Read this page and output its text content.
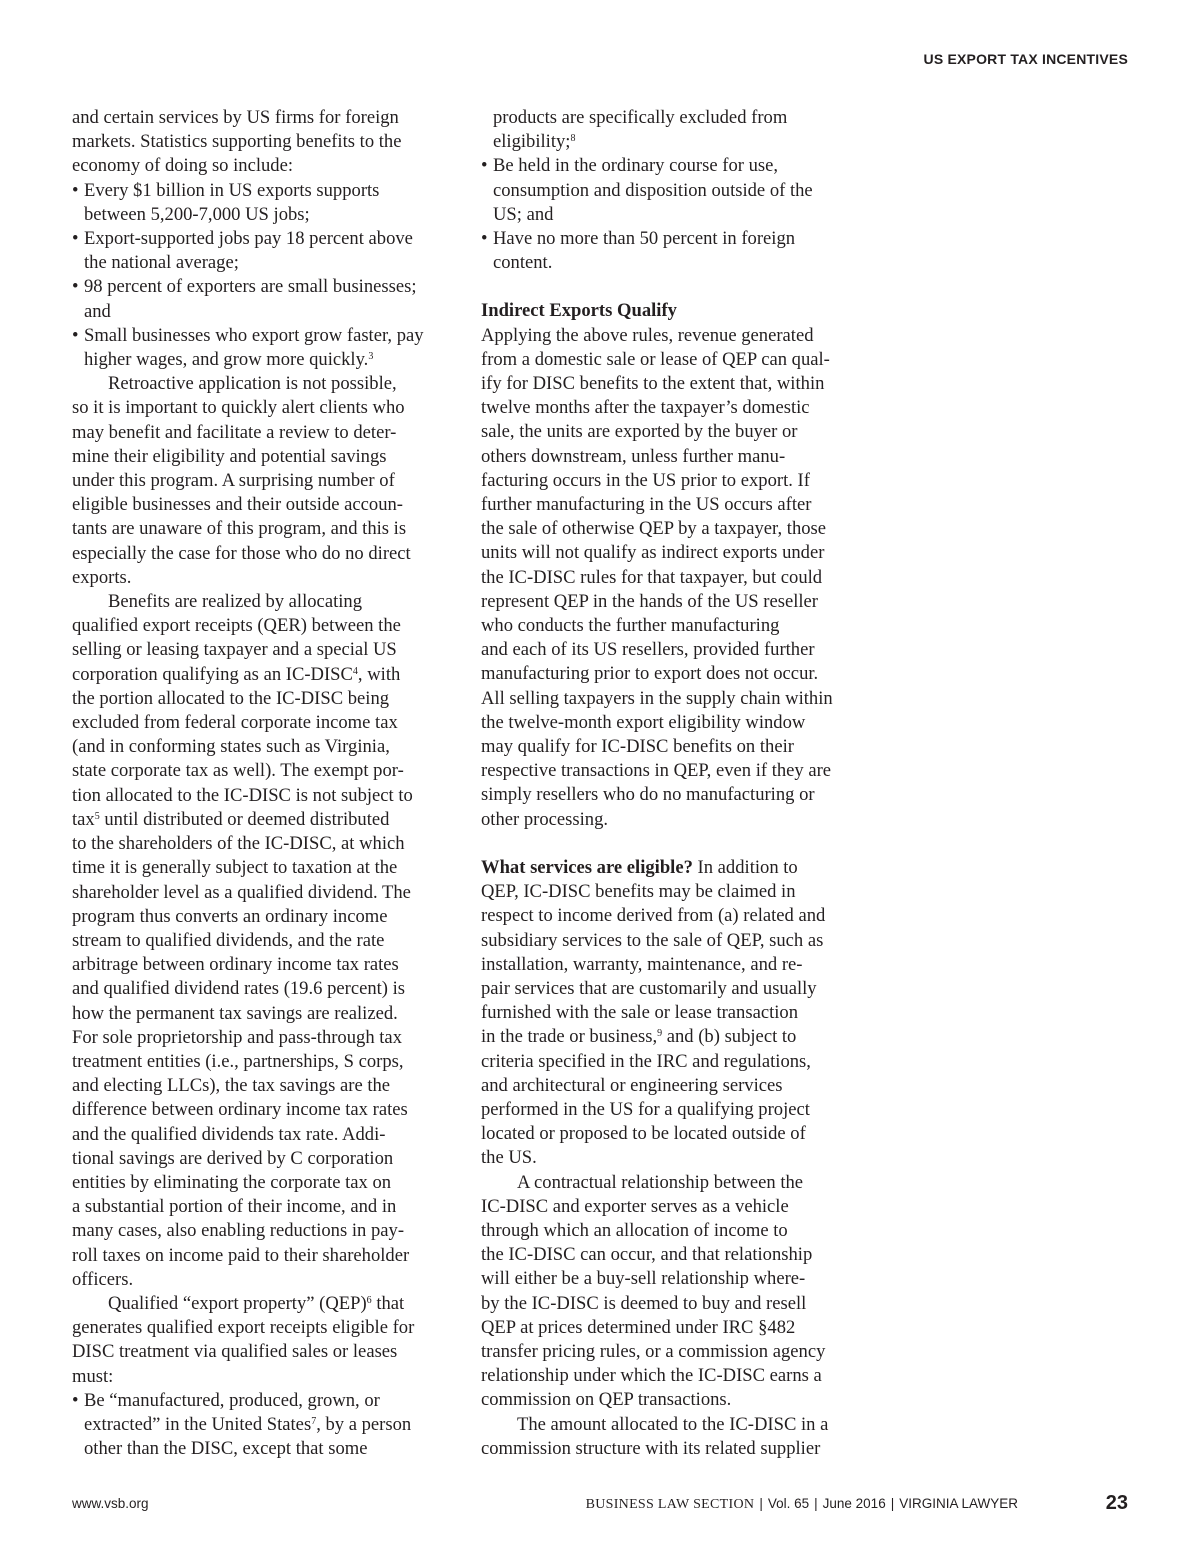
US EXPORT TAX INCENTIVES

and certain services by US firms for foreign

markets. Statistics supporting benefits to the

economy of doing so include:

• Every $1 billion in US exports supports
between 5,200-7,000 US jobs;
• Export-supported jobs pay 18 percent above
the national average;
• 98 percent of exporters are small businesses;
and
• Small businesses who export grow faster, pay
higher wages, and grow more quickly.$^3$

Retroactive application is not possible,

so it is important to quickly alert clients who

may benefit and facilitate a review to deter-

mine their eligibility and potential savings

under this program. A surprising number of

eligible businesses and their outside accoun-

tants are unaware of this program, and this is

especially the case for those who do no direct

exports.

Benefits are realized by allocating

qualified export receipts (QER) between the

selling or leasing taxpayer and a special US

corporation qualifying as an IC-DISC$^4$, with

the portion allocated to the IC-DISC being

excluded from federal corporate income tax

(and in conforming states such as Virginia,

state corporate tax as well). The exempt por-

tion allocated to the IC-DISC is not subject to

tax$^5$ until distributed or deemed distributed

to the shareholders of the IC-DISC, at which

time it is generally subject to taxation at the

shareholder level as a qualified dividend. The

program thus converts an ordinary income

stream to qualified dividends, and the rate

arbitrage between ordinary income tax rates

and qualified dividend rates (19.6 percent) is

how the permanent tax savings are realized.

For sole proprietorship and pass-through tax

treatment entities (i.e., partnerships, S corps,

and electing LLCs), the tax savings are the

difference between ordinary income tax rates

and the qualified dividends tax rate. Addi-

tional savings are derived by C corporation

entities by eliminating the corporate tax on

a substantial portion of their income, and in

many cases, also enabling reductions in pay-

roll taxes on income paid to their shareholder

officers.

Qualified “export property” (QEP)$^6$ that

generates qualified export receipts eligible for

DISC treatment via qualified sales or leases

must:

• Be “manufactured, produced, grown, or
extracted” in the United States$^7$, by a person
other than the DISC, except that some

products are specifically excluded from

eligibility;$^8$

• Be held in the ordinary course for use,
consumption and disposition outside of the
US; and
• Have no more than 50 percent in foreign
content.

Indirect Exports Qualify

Applying the above rules, revenue generated

from a domestic sale or lease of QEP can qual-

ify for DISC benefits to the extent that, within

twelve months after the taxpayer’s domestic

sale, the units are exported by the buyer or

others downstream, unless further manu-

facturing occurs in the US prior to export. If

further manufacturing in the US occurs after

the sale of otherwise QEP by a taxpayer, those

units will not qualify as indirect exports under

the IC-DISC rules for that taxpayer, but could

represent QEP in the hands of the US reseller

who conducts the further manufacturing

and each of its US resellers, provided further

manufacturing prior to export does not occur.

All selling taxpayers in the supply chain within

the twelve-month export eligibility window

may qualify for IC-DISC benefits on their

respective transactions in QEP, even if they are

simply resellers who do no manufacturing or

other processing.

What services are eligible? In addition to

QEP, IC-DISC benefits may be claimed in

respect to income derived from (a) related and

subsidiary services to the sale of QEP, such as

installation, warranty, maintenance, and re-

pair services that are customarily and usually

furnished with the sale or lease transaction

in the trade or business,$^9$ and (b) subject to

criteria specified in the IRC and regulations,

and architectural or engineering services

performed in the US for a qualifying project

located or proposed to be located outside of

the US.

A contractual relationship between the

IC-DISC and exporter serves as a vehicle

through which an allocation of income to

the IC-DISC can occur, and that relationship

will either be a buy-sell relationship where-

by the IC-DISC is deemed to buy and resell

QEP at prices determined under IRC §482

transfer pricing rules, or a commission agency

relationship under which the IC-DISC earns a

commission on QEP transactions.

The amount allocated to the IC-DISC in a

commission structure with its related supplier

www.vsb.org	BUSINESS LAW SECTION | Vol. 65 | June 2016 | VIRGINIA LAWYER	23
